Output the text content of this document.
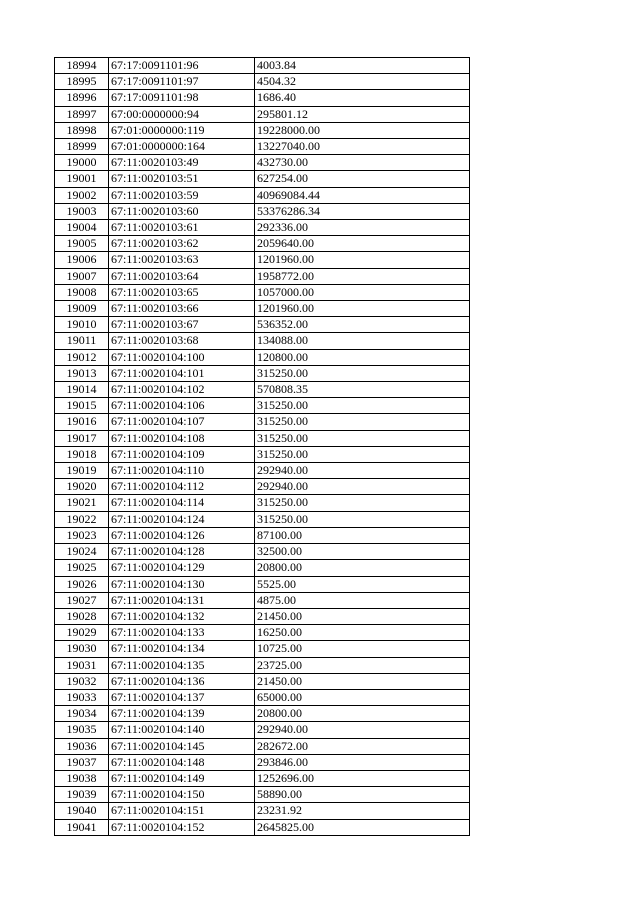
18994	67:17:0091101:96	4003.84
18995	67:17:0091101:97	4504.32
18996	67:17:0091101:98	1686.40
18997	67:00:0000000:94	295801.12
18998	67:01:0000000:119	19228000.00
18999	67:01:0000000:164	13227040.00
19000	67:11:0020103:49	432730.00
19001	67:11:0020103:51	627254.00
19002	67:11:0020103:59	40969084.44
19003	67:11:0020103:60	53376286.34
19004	67:11:0020103:61	292336.00
19005	67:11:0020103:62	2059640.00
19006	67:11:0020103:63	1201960.00
19007	67:11:0020103:64	1958772.00
19008	67:11:0020103:65	1057000.00
19009	67:11:0020103:66	1201960.00
19010	67:11:0020103:67	536352.00
19011	67:11:0020103:68	134088.00
19012	67:11:0020104:100	120800.00
19013	67:11:0020104:101	315250.00
19014	67:11:0020104:102	570808.35
19015	67:11:0020104:106	315250.00
19016	67:11:0020104:107	315250.00
19017	67:11:0020104:108	315250.00
19018	67:11:0020104:109	315250.00
19019	67:11:0020104:110	292940.00
19020	67:11:0020104:112	292940.00
19021	67:11:0020104:114	315250.00
19022	67:11:0020104:124	315250.00
19023	67:11:0020104:126	87100.00
19024	67:11:0020104:128	32500.00
19025	67:11:0020104:129	20800.00
19026	67:11:0020104:130	5525.00
19027	67:11:0020104:131	4875.00
19028	67:11:0020104:132	21450.00
19029	67:11:0020104:133	16250.00
19030	67:11:0020104:134	10725.00
19031	67:11:0020104:135	23725.00
19032	67:11:0020104:136	21450.00
19033	67:11:0020104:137	65000.00
19034	67:11:0020104:139	20800.00
19035	67:11:0020104:140	292940.00
19036	67:11:0020104:145	282672.00
19037	67:11:0020104:148	293846.00
19038	67:11:0020104:149	1252696.00
19039	67:11:0020104:150	58890.00
19040	67:11:0020104:151	23231.92
19041	67:11:0020104:152	2645825.00
